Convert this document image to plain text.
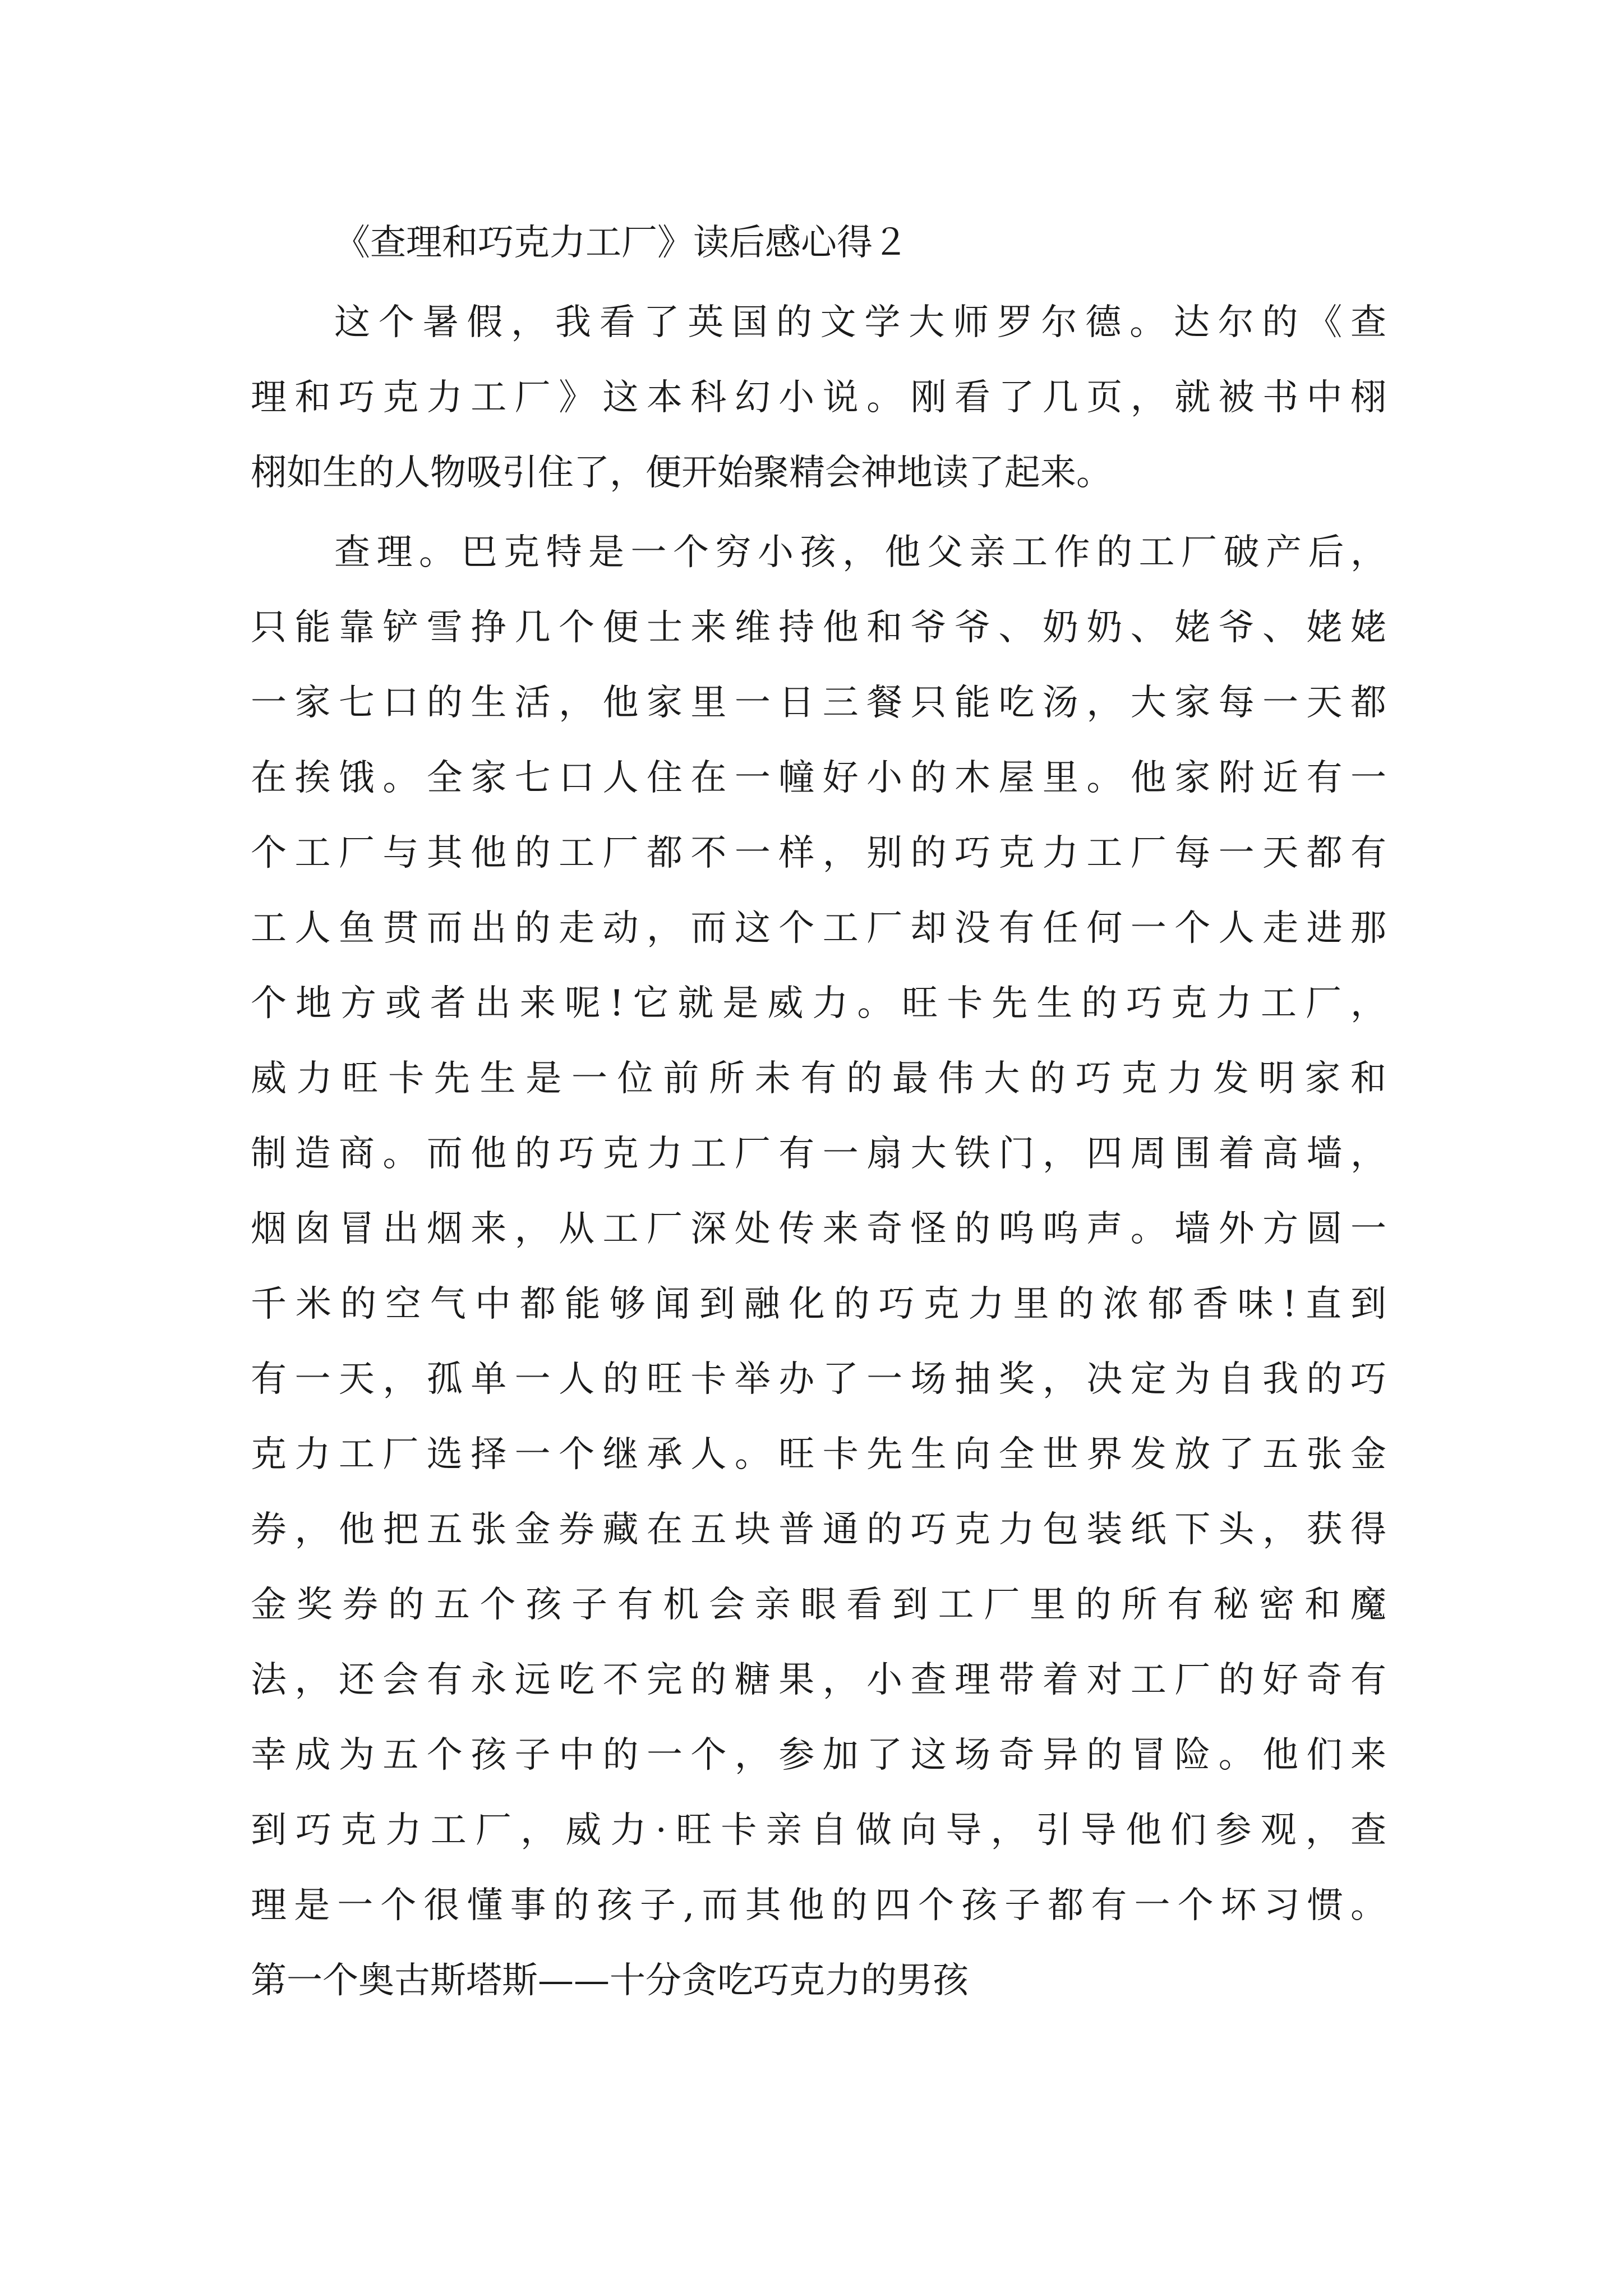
《查理和巧克力工厂》读后感心得２
这个暑假，我看了英国的文学大师罗尔德。达尔的《查
理和巧克力工厂》这本科幻小说。刚看了几页，就被书中栩
栩如生的人物吸引住了，便开始聚精会神地读了起来。
查理。巴克特是一个穷小孩，他父亲工作的工厂破产后，
只能靠铲雪挣几个便士来维持他和爷爷、奶奶、姥爷、姥姥
一家七口的生活，他家里一日三餐只能吃汤，大家每一天都
在挨饿。全家七口人住在一幢好小的木屋里。他家附近有一
个工厂与其他的工厂都不一样，别的巧克力工厂每一天都有
工人鱼贯而出的走动，而这个工厂却没有任何一个人走进那
个地方或者出来呢!它就是威力。旺卡先生的巧克力工厂，
威力旺卡先生是一位前所未有的最伟大的巧克力发明家和
制造商。而他的巧克力工厂有一扇大铁门，四周围着高墙，
烟囱冒出烟来，从工厂深处传来奇怪的呜呜声。墙外方圆一
千米的空气中都能够闻到融化的巧克力里的浓郁香味!直到
有一天，孤单一人的旺卡举办了一场抽奖，决定为自我的巧
克力工厂选择一个继承人。旺卡先生向全世界发放了五张金
券，他把五张金券藏在五块普通的巧克力包装纸下头，获得
金奖券的五个孩子有机会亲眼看到工厂里的所有秘密和魔
法，还会有永远吃不完的糖果，小查理带着对工厂的好奇有
幸成为五个孩子中的一个，参加了这场奇异的冒险。他们来
到巧克力工厂，威力·旺卡亲自做向导，引导他们参观，查
理是一个很懂事的孩子,而其他的四个孩子都有一个坏习惯。
第一个奥古斯塔斯——十分贪吃巧克力的男孩
